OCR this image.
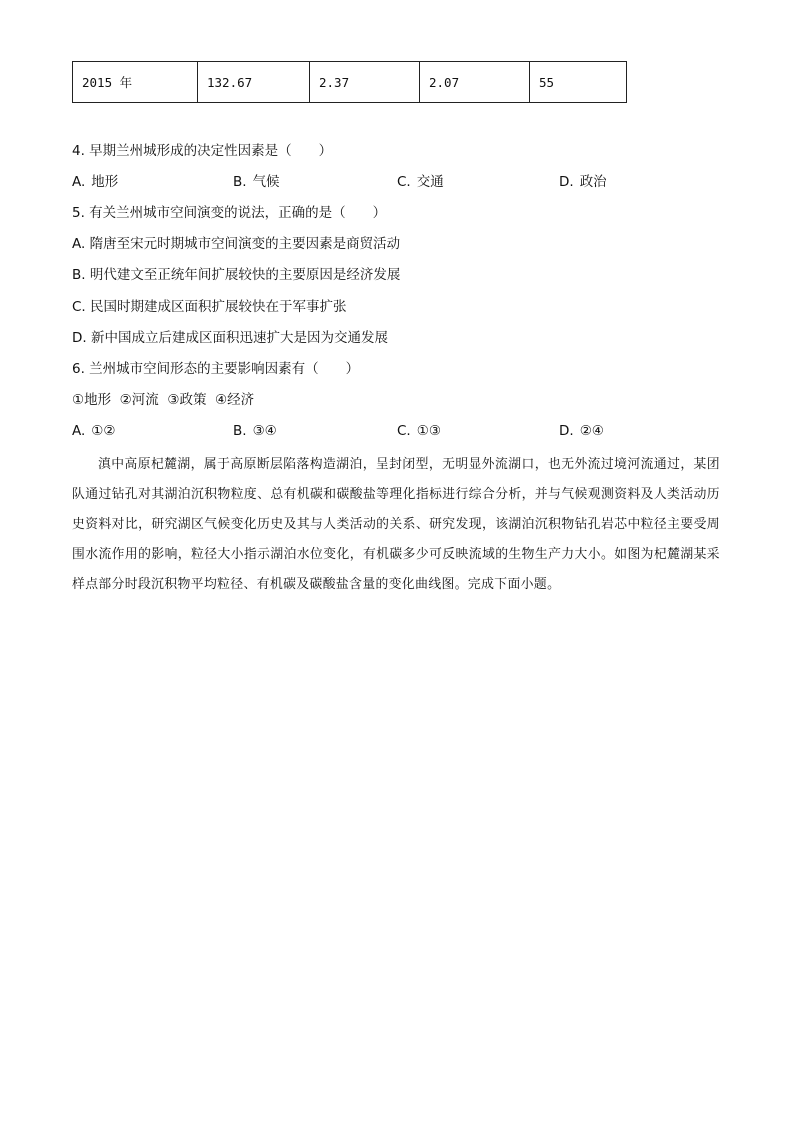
2015 年	132.67	2.37	2.07	55
4. 早期兰州城形成的决定性因素是（　　）
A. 地形	B. 气候	C. 交通	D. 政治
5. 有关兰州城市空间演变的说法，正确的是（　　）
A. 隋唐至宋元时期城市空间演变的主要因素是商贸活动
B. 明代建文至正统年间扩展较快的主要原因是经济发展
C. 民国时期建成区面积扩展较快在于军事扩张
D. 新中国成立后建成区面积迅速扩大是因为交通发展
6. 兰州城市空间形态的主要影响因素有（　　）
①地形  ②河流  ③政策  ④经济
A. ①②	B. ③④	C. ①③	D. ②④
滇中高原杞麓湖，属于高原断层陷落构造湖泊，呈封闭型，无明显外流湖口，也无外流过境河流通过，某团队通过钻孔对其湖泊沉积物粒度、总有机碳和碳酸盐等理化指标进行综合分析，并与气候观测资料及人类活动历史资料对比，研究湖区气候变化历史及其与人类活动的关系、研究发现，该湖泊沉积物钻孔岩芯中粒径主要受周围水流作用的影响，粒径大小指示湖泊水位变化，有机碳多少可反映流域的生物生产力大小。如图为杞麓湖某采样点部分时段沉积物平均粒径、有机碳及碳酸盐含量的变化曲线图。完成下面小题。
